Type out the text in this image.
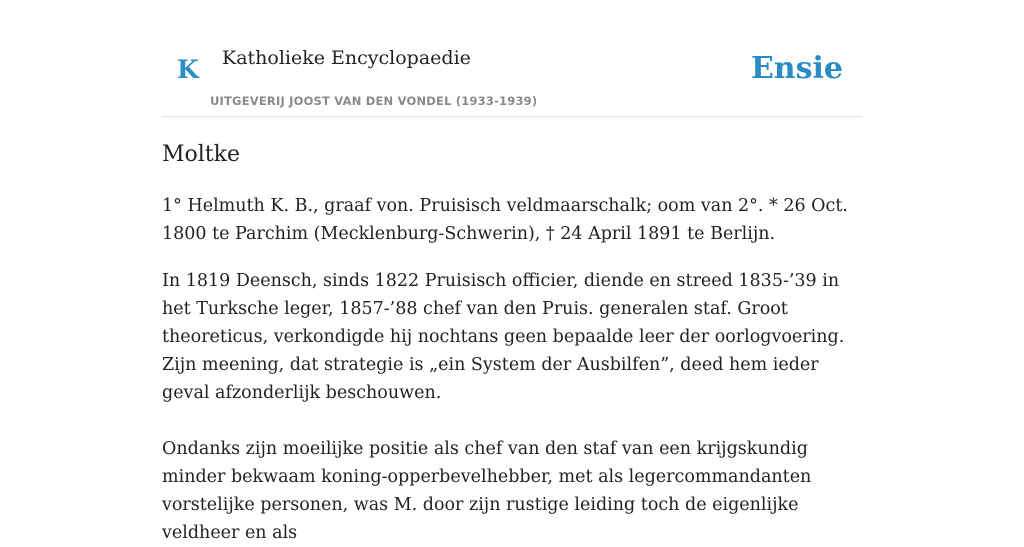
K Katholieke Encyclopaedie
UITGEVERIJ JOOST VAN DEN VONDEL (1933-1939)
Ensie
Moltke

1° Helmuth K. B., graaf von. Pruisisch veldmaarschalk; oom van 2°. * 26 Oct. 1800 te Parchim (Mecklenburg-Schwerin), † 24 April 1891 te Berlijn.

In 1819 Deensch, sinds 1822 Pruisisch officier, diende en streed 1835-’39 in het Turksche leger, 1857-’88 chef van den Pruis. generalen staf. Groot theoreticus, verkondigde hij nochtans geen bepaalde leer der oorlogvoering. Zijn meening, dat strategie is „ein System der Ausbilfen”, deed hem ieder geval afzonderlijk beschouwen.

Ondanks zijn moeilijke positie als chef van den staf van een krijgskundig minder bekwaam koning-opperbevelhebber, met als legercommandanten vorstelijke personen, was M. door zijn rustige leiding toch de eigenlijke veldheer en als
